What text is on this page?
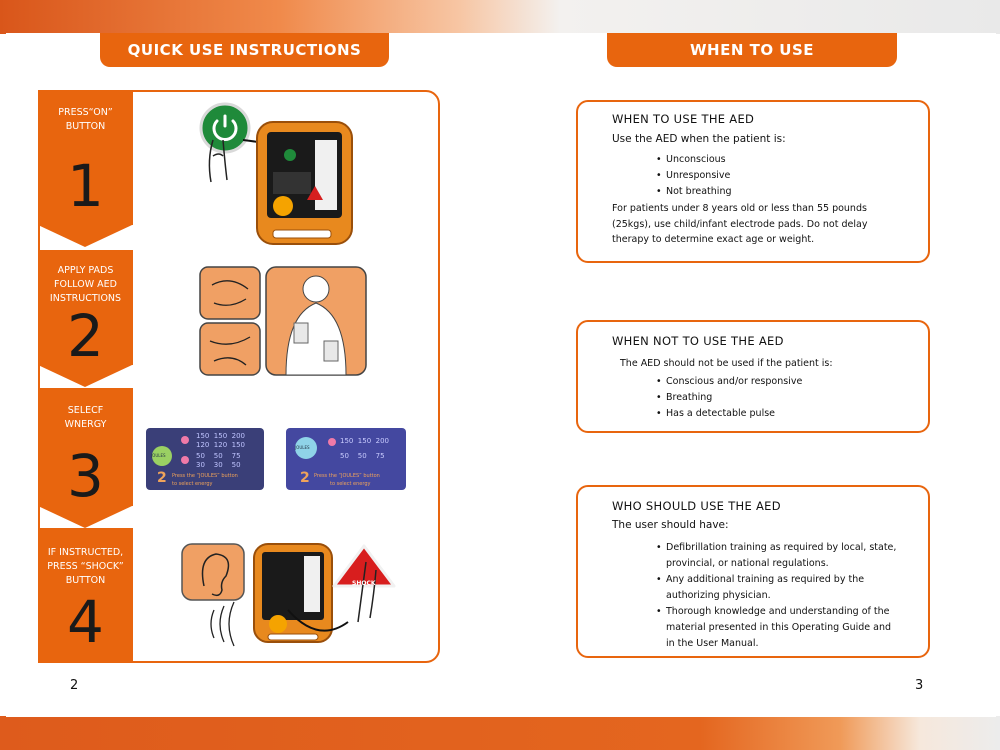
QUICK USE INSTRUCTIONS
PRESS“ON”
BUTTON
1
APPLY PADS
FOLLOW AED
INSTRUCTIONS
2
SELECF
WNERGY
3
IF INSTRUCTED,
PRESS “SHOCK”
BUTTON
4
150  150  200
120  120  150
50    50    75
30    30    50
JOULES
2 Press the “JOULES” button
to select energy
150  150  200
50    50    75
JOULES
2 Press the “JOULES” button
to select energy
SHOCK
2
WHEN TO USE
WHEN TO USE THE AED
Use the AED when the patient is:
• Unconscious
• Unresponsive
• Not breathing
For patients under 8 years old or less than 55 pounds
(25kgs), use child/infant electrode pads. Do not delay
therapy to determine exact age or weight.
WHEN NOT TO USE THE AED
The AED should not be used if the patient is:
• Conscious and/or responsive
• Breathing
• Has a detectable pulse
WHO SHOULD USE THE AED
The user should have:
• Defibrillation training as required by local, state,
provincial, or national regulations.
• Any additional training as required by the
authorizing physician.
• Thorough knowledge and understanding of the
material presented in this Operating Guide and
in the User Manual.
3
